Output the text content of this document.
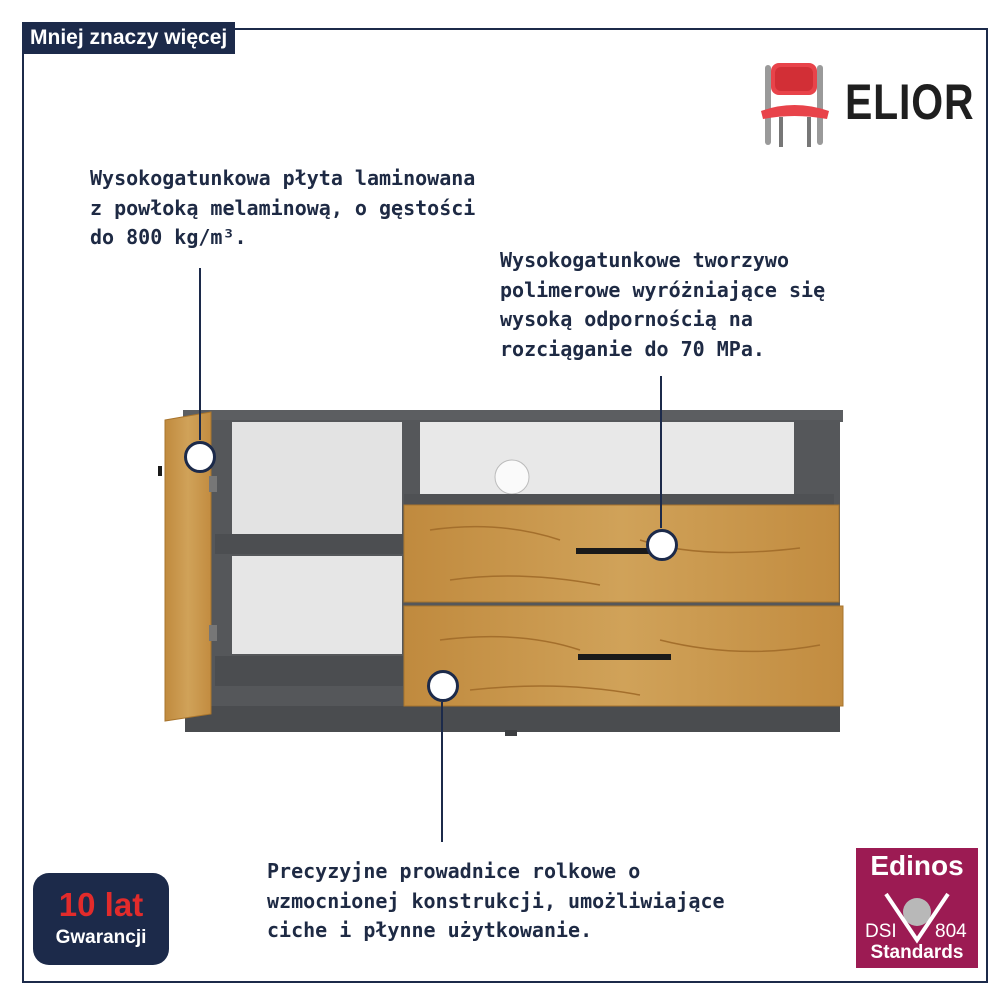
Mniej znaczy więcej
ELIOR
Wysokogatunkowa płyta laminowana
z powłoką melaminową, o gęstości
do 800 kg/m³.
Wysokogatunkowe tworzywo
polimerowe wyróżniające się
wysoką odpornością na
rozciąganie do 70 MPa.
Precyzyjne prowadnice rolkowe o
wzmocnionej konstrukcji, umożliwiające
ciche i płynne użytkowanie.
10 lat
Gwarancji
Edinos
DSI 804
Standards
